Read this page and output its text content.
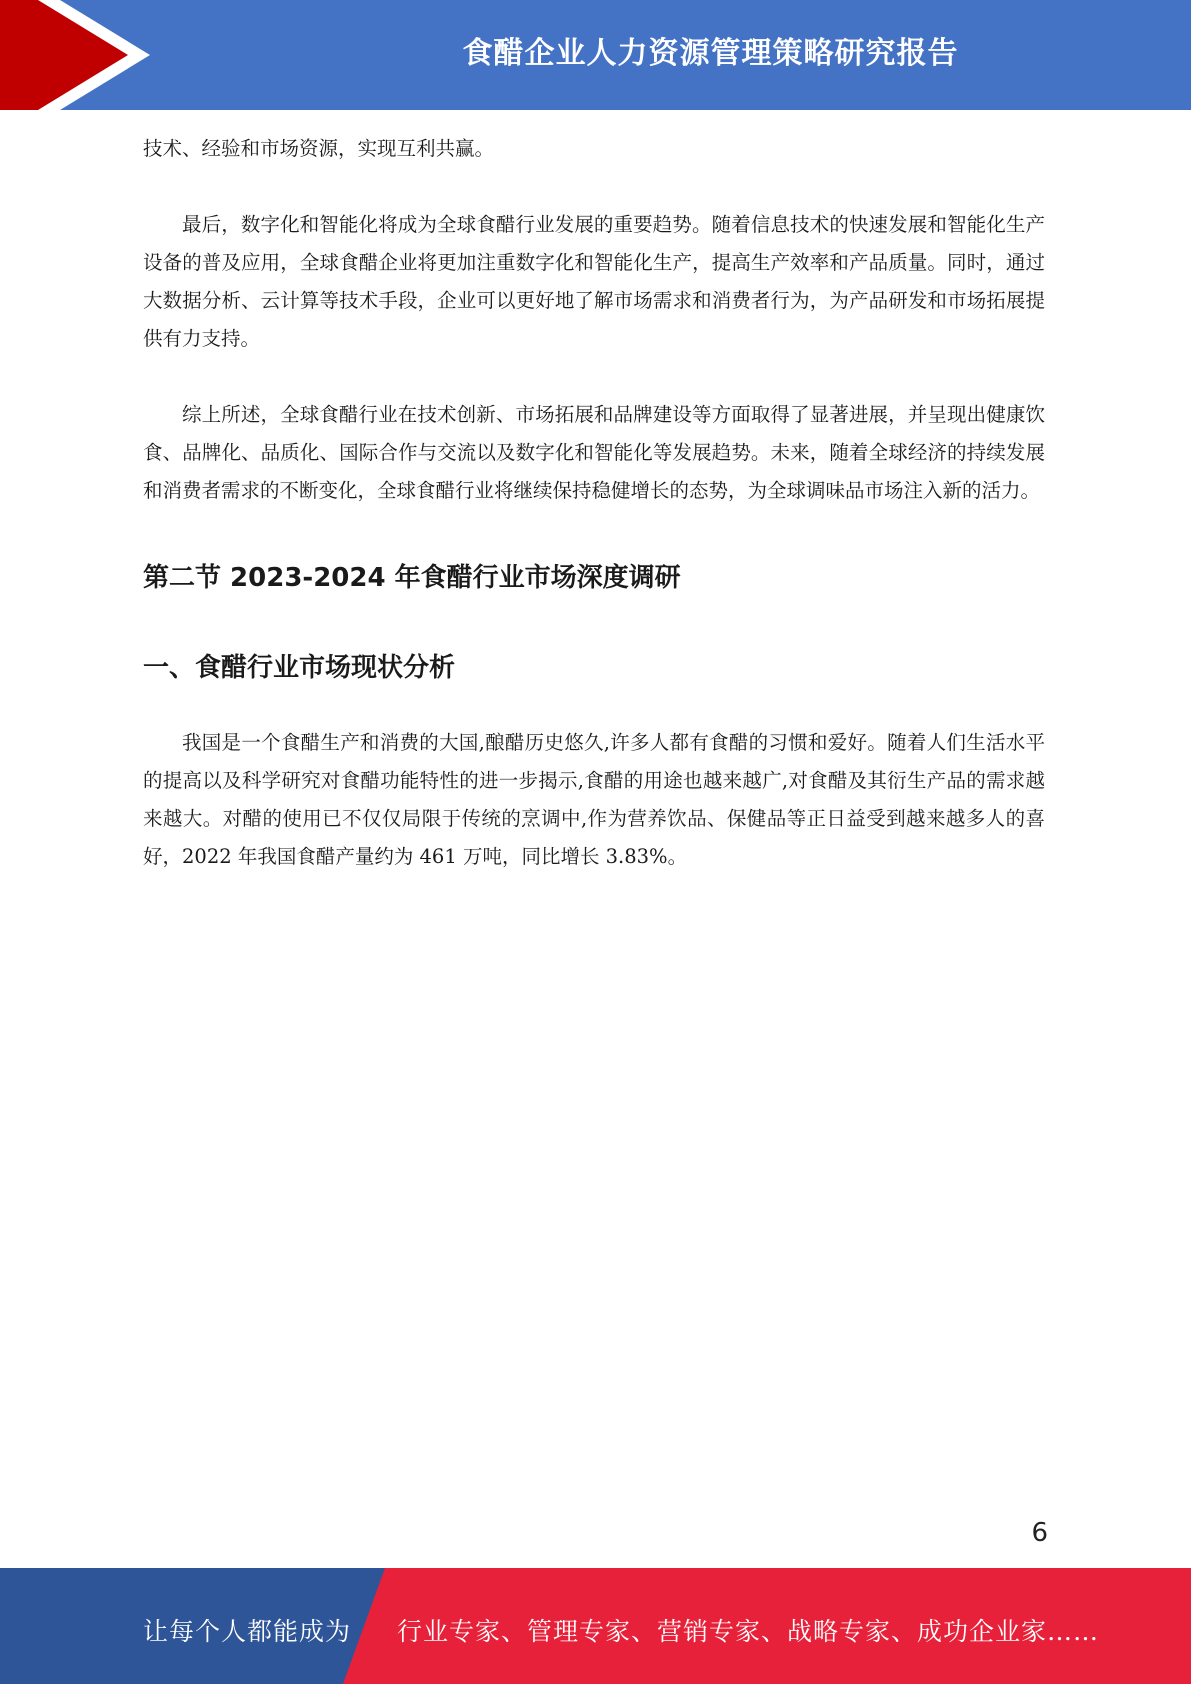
食醋企业人力资源管理策略研究报告

技术、经验和市场资源，实现互利共赢。

最后，数字化和智能化将成为全球食醋行业发展的重要趋势。随着信息技术的快速发展和智能化生产设备的普及应用，全球食醋企业将更加注重数字化和智能化生产，提高生产效率和产品质量。同时，通过大数据分析、云计算等技术手段，企业可以更好地了解市场需求和消费者行为，为产品研发和市场拓展提供有力支持。

综上所述，全球食醋行业在技术创新、市场拓展和品牌建设等方面取得了显著进展，并呈现出健康饮食、品牌化、品质化、国际合作与交流以及数字化和智能化等发展趋势。未来，随着全球经济的持续发展和消费者需求的不断变化，全球食醋行业将继续保持稳健增长的态势，为全球调味品市场注入新的活力。

第二节 2023-2024 年食醋行业市场深度调研
一、食醋行业市场现状分析

我国是一个食醋生产和消费的大国,酿醋历史悠久,许多人都有食醋的习惯和爱好。随着人们生活水平的提高以及科学研究对食醋功能特性的进一步揭示,食醋的用途也越来越广,对食醋及其衍生产品的需求越来越大。对醋的使用已不仅仅局限于传统的烹调中,作为营养饮品、保健品等正日益受到越来越多人的喜好，2022 年我国食醋产量约为 461 万吨，同比增长 3.83%。

6
让每个人都能成为 行业专家、管理专家、营销专家、战略专家、成功企业家……
